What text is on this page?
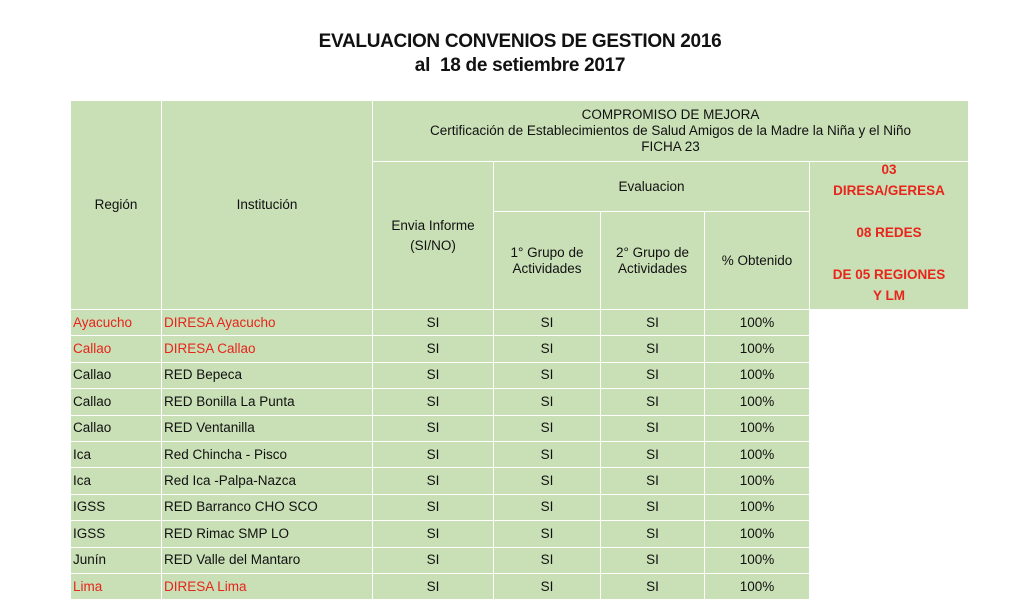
EVALUACION CONVENIOS DE GESTION 2016
al  18 de setiembre 2017
Región	Institución	COMPROMISO DE MEJORA
Certificación de Establecimientos de Salud Amigos de la Madre la Niña y el Niño
FICHA 23				

		Envia Informe (SI/NO)	Evaluacion			03
DIRESA/GERESA
08 REDES
DE 05 REGIONES
Y LM

			1° Grupo de Actividades	2° Grupo de Actividades	% Obtenido	
Ayacucho	DIRESA Ayacucho	SI	SI	SI	100%	
Callao	DIRESA Callao	SI	SI	SI	100%	
Callao	RED Bepeca	SI	SI	SI	100%	
Callao	RED Bonilla La Punta	SI	SI	SI	100%	
Callao	RED Ventanilla	SI	SI	SI	100%	
Ica	Red Chincha - Pisco	SI	SI	SI	100%	
Ica	Red Ica -Palpa-Nazca	SI	SI	SI	100%	
IGSS	RED Barranco CHO SCO	SI	SI	SI	100%	
IGSS	RED Rimac SMP LO	SI	SI	SI	100%	
Junín	RED Valle del Mantaro	SI	SI	SI	100%	
Lima	DIRESA Lima	SI	SI	SI	100%	
